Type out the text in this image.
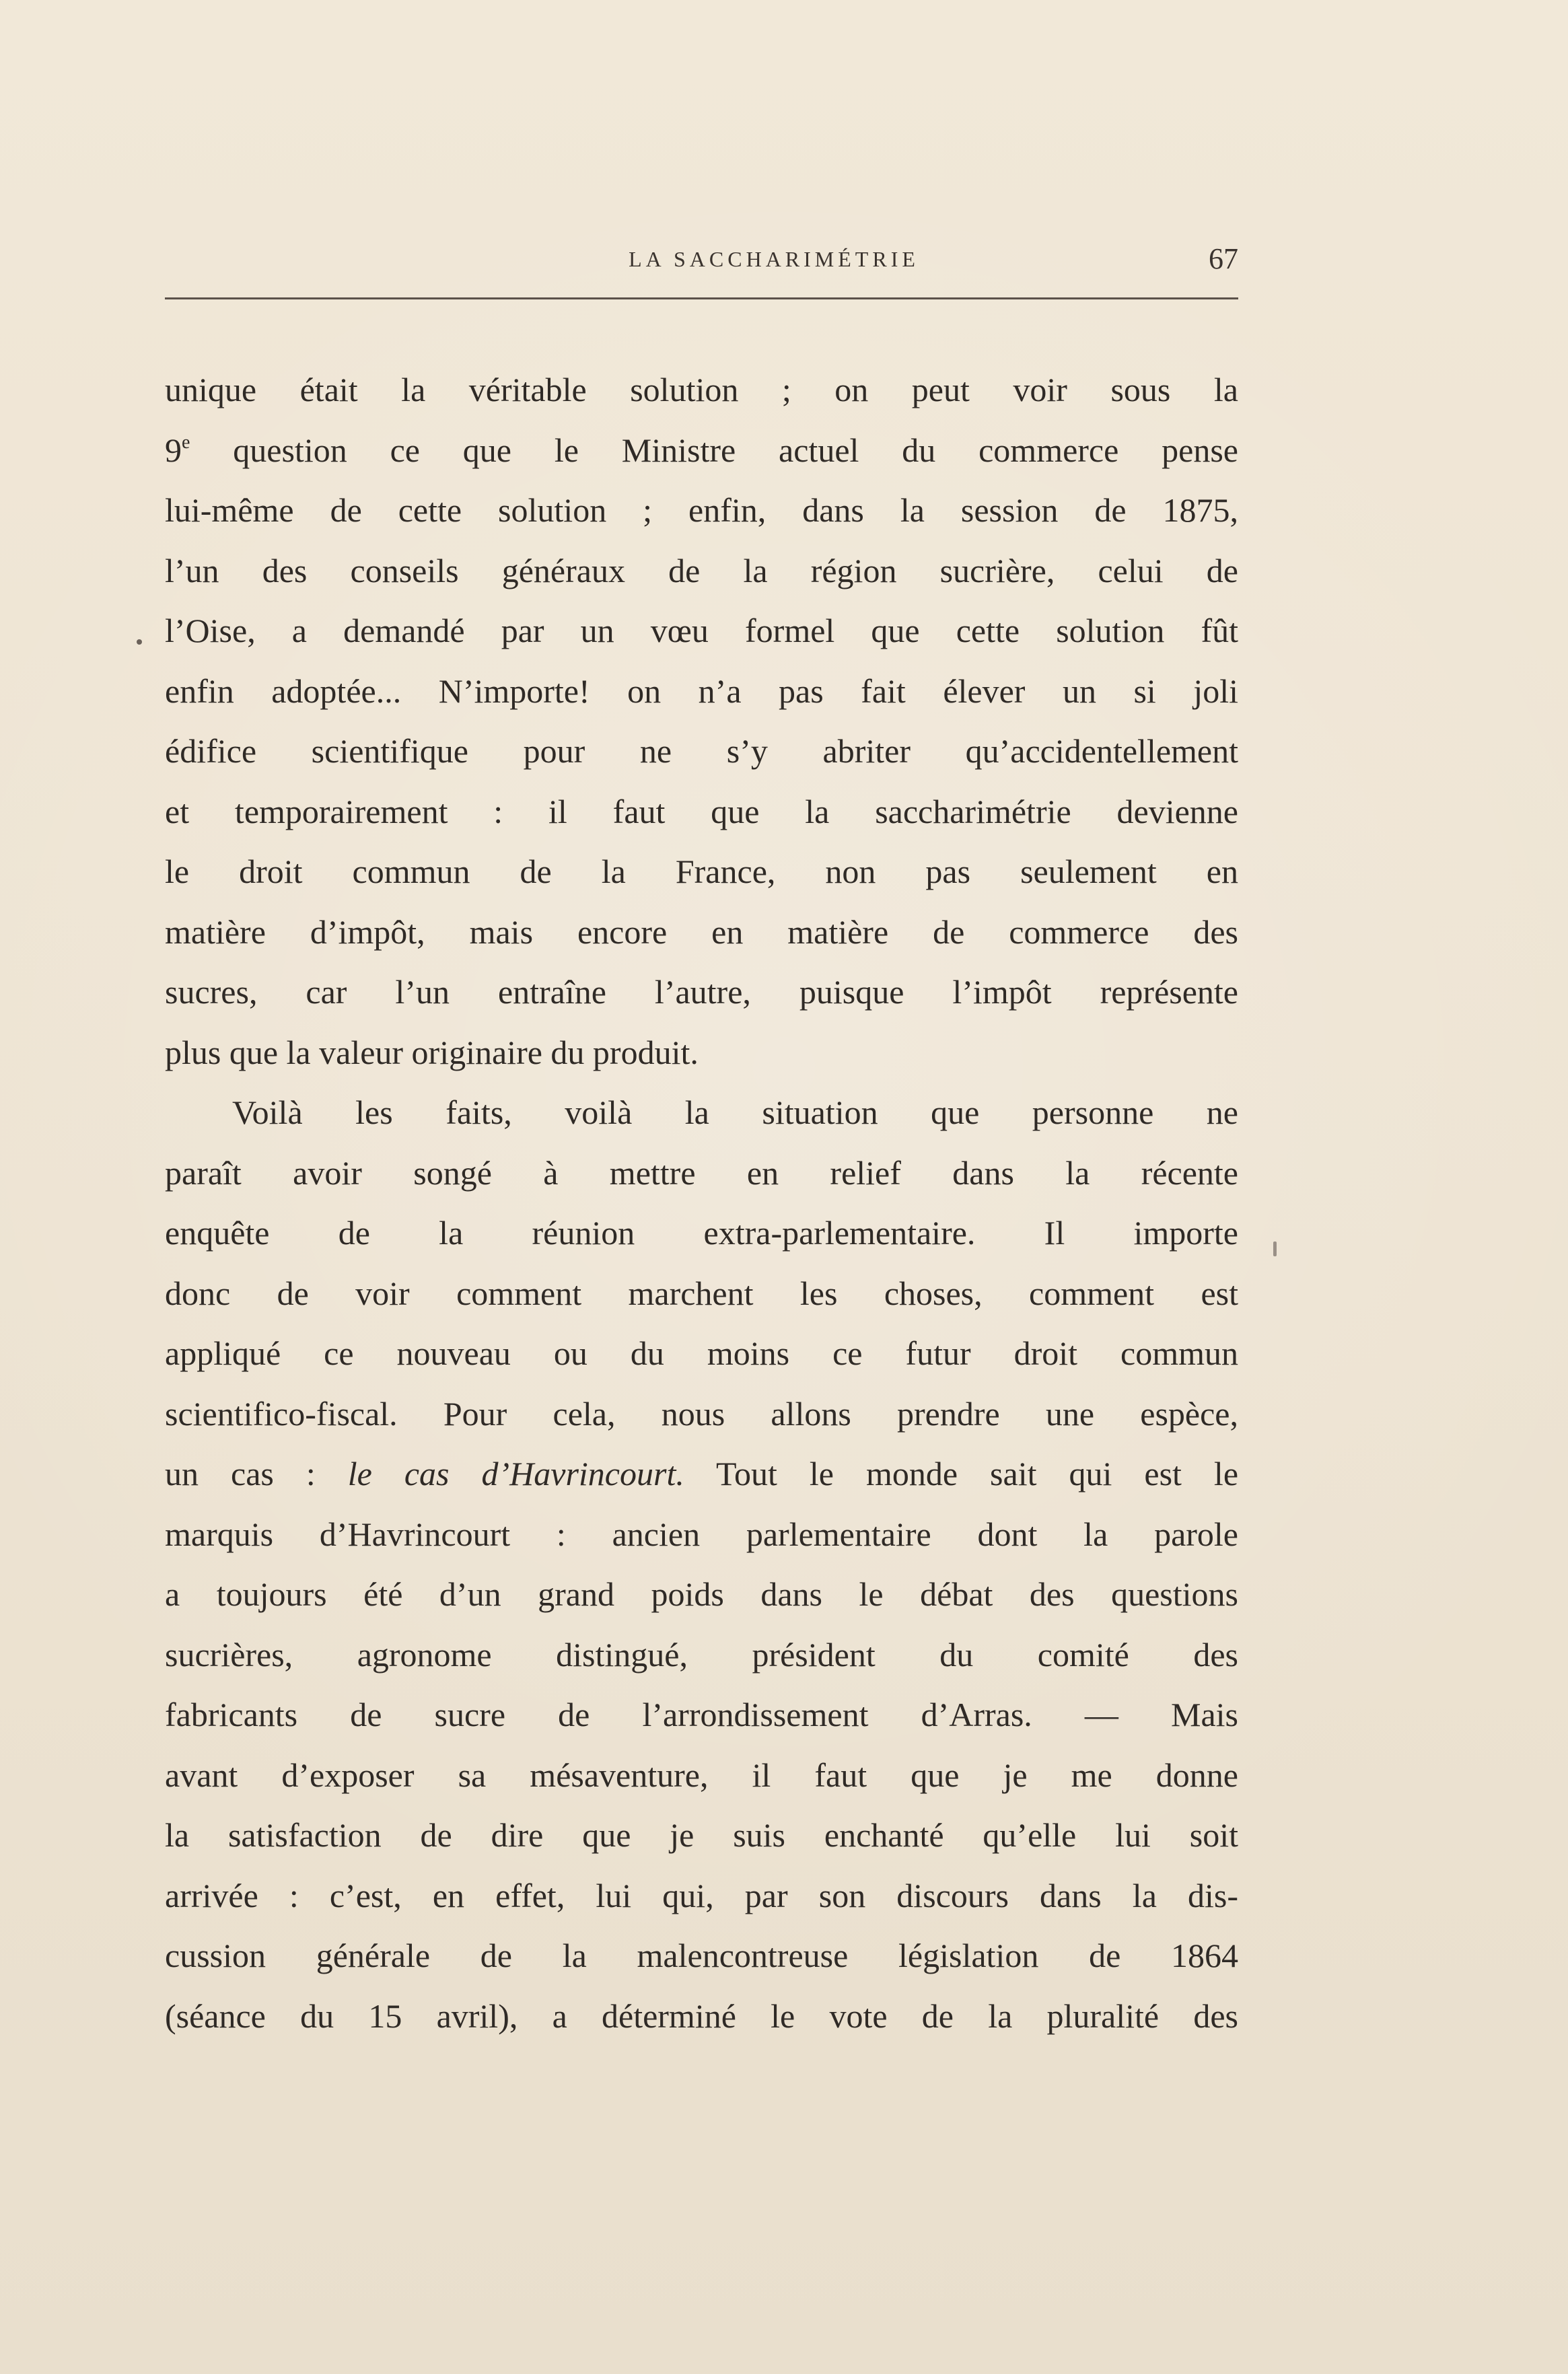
LA SACCHARIMÉTRIE	67
unique était la véritable solution ; on peut voir sous la
9e question ce que le Ministre actuel du commerce pense
lui-même de cette solution ; enfin, dans la session de 1875,
l’un des conseils généraux de la région sucrière, celui de
l’Oise, a demandé par un vœu formel que cette solution fût
enfin adoptée... N’importe! on n’a pas fait élever un si joli
édifice scientifique pour ne s’y abriter qu’accidentellement
et temporairement : il faut que la saccharimétrie devienne
le droit commun de la France, non pas seulement en
matière d’impôt, mais encore en matière de commerce des
sucres, car l’un entraîne l’autre, puisque l’impôt représente
plus que la valeur originaire du produit.
Voilà les faits, voilà la situation que personne ne
paraît avoir songé à mettre en relief dans la récente
enquête de la réunion extra-parlementaire. Il importe
donc de voir comment marchent les choses, comment est
appliqué ce nouveau ou du moins ce futur droit commun
scientifico-fiscal. Pour cela, nous allons prendre une espèce,
un cas : le cas d’Havrincourt. Tout le monde sait qui est le
marquis d’Havrincourt : ancien parlementaire dont la parole
a toujours été d’un grand poids dans le débat des questions
sucrières, agronome distingué, président du comité des
fabricants de sucre de l’arrondissement d’Arras. — Mais
avant d’exposer sa mésaventure, il faut que je me donne
la satisfaction de dire que je suis enchanté qu’elle lui soit
arrivée : c’est, en effet, lui qui, par son discours dans la dis-
cussion générale de la malencontreuse législation de 1864
(séance du 15 avril), a déterminé le vote de la pluralité des
